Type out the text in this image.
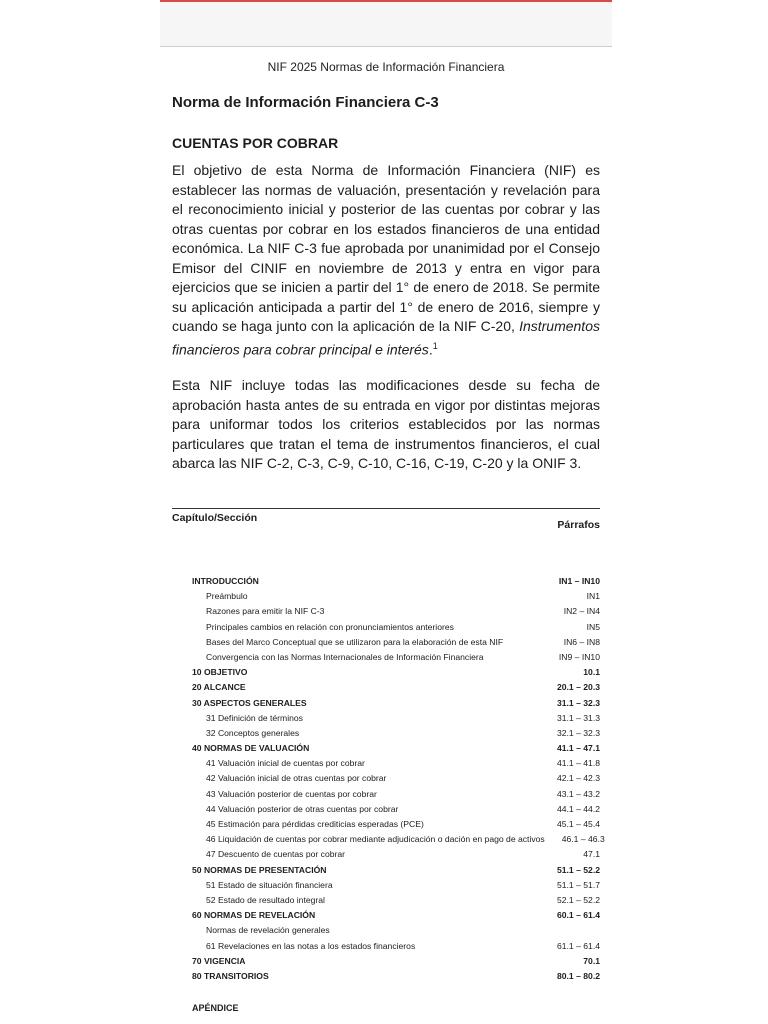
NIF 2025 Normas de Información Financiera
Norma de Información Financiera C-3
CUENTAS POR COBRAR
El objetivo de esta Norma de Información Financiera (NIF) es establecer las normas de valuación, presentación y revelación para el reconocimiento inicial y posterior de las cuentas por cobrar y las otras cuentas por cobrar en los estados financieros de una entidad económica. La NIF C-3 fue aprobada por unanimidad por el Consejo Emisor del CINIF en noviembre de 2013 y entra en vigor para ejercicios que se inicien a partir del 1° de enero de 2018. Se permite su aplicación anticipada a partir del 1° de enero de 2016, siempre y cuando se haga junto con la aplicación de la NIF C-20, Instrumentos financieros para cobrar principal e interés.$^1$
Esta NIF incluye todas las modificaciones desde su fecha de aprobación hasta antes de su entrada en vigor por distintas mejoras para uniformar todos los criterios establecidos por las normas particulares que tratan el tema de instrumentos financieros, el cual abarca las NIF C-2, C-3, C-9, C-10, C-16, C-19, C-20 y la ONIF 3.
Capítulo/Sección
Párrafos
INTRODUCCIÓN	IN1 – IN10
Preámbulo	IN1
Razones para emitir la NIF C-3	IN2 – IN4
Principales cambios en relación con pronunciamientos anteriores	IN5
Bases del Marco Conceptual que se utilizaron para la elaboración de esta NIF	IN6 – IN8
Convergencia con las Normas Internacionales de Información Financiera	IN9 – IN10
10 OBJETIVO	10.1
20 ALCANCE	20.1 – 20.3
30 ASPECTOS GENERALES	31.1 – 32.3
31 Definición de términos	31.1 – 31.3
32 Conceptos generales	32.1 – 32.3
40 NORMAS DE VALUACIÓN	41.1 – 47.1
41 Valuación inicial de cuentas por cobrar	41.1 – 41.8
42 Valuación inicial de otras cuentas por cobrar	42.1 – 42.3
43 Valuación posterior de cuentas por cobrar	43.1 – 43.2
44 Valuación posterior de otras cuentas por cobrar	44.1 – 44.2
45 Estimación para pérdidas crediticias esperadas (PCE)	45.1 – 45.4
46 Liquidación de cuentas por cobrar mediante adjudicación o dación en pago de activos	46.1 – 46.3
47 Descuento de cuentas por cobrar	47.1
50 NORMAS DE PRESENTACIÓN	51.1 – 52.2
51 Estado de situación financiera	51.1 – 51.7
52 Estado de resultado integral	52.1 – 52.2
60 NORMAS DE REVELACIÓN	60.1 – 61.4
Normas de revelación generales
61 Revelaciones en las notas a los estados financieros	61.1 – 61.4
70 VIGENCIA	70.1
80 TRANSITORIOS	80.1 – 80.2
APÉNDICE
